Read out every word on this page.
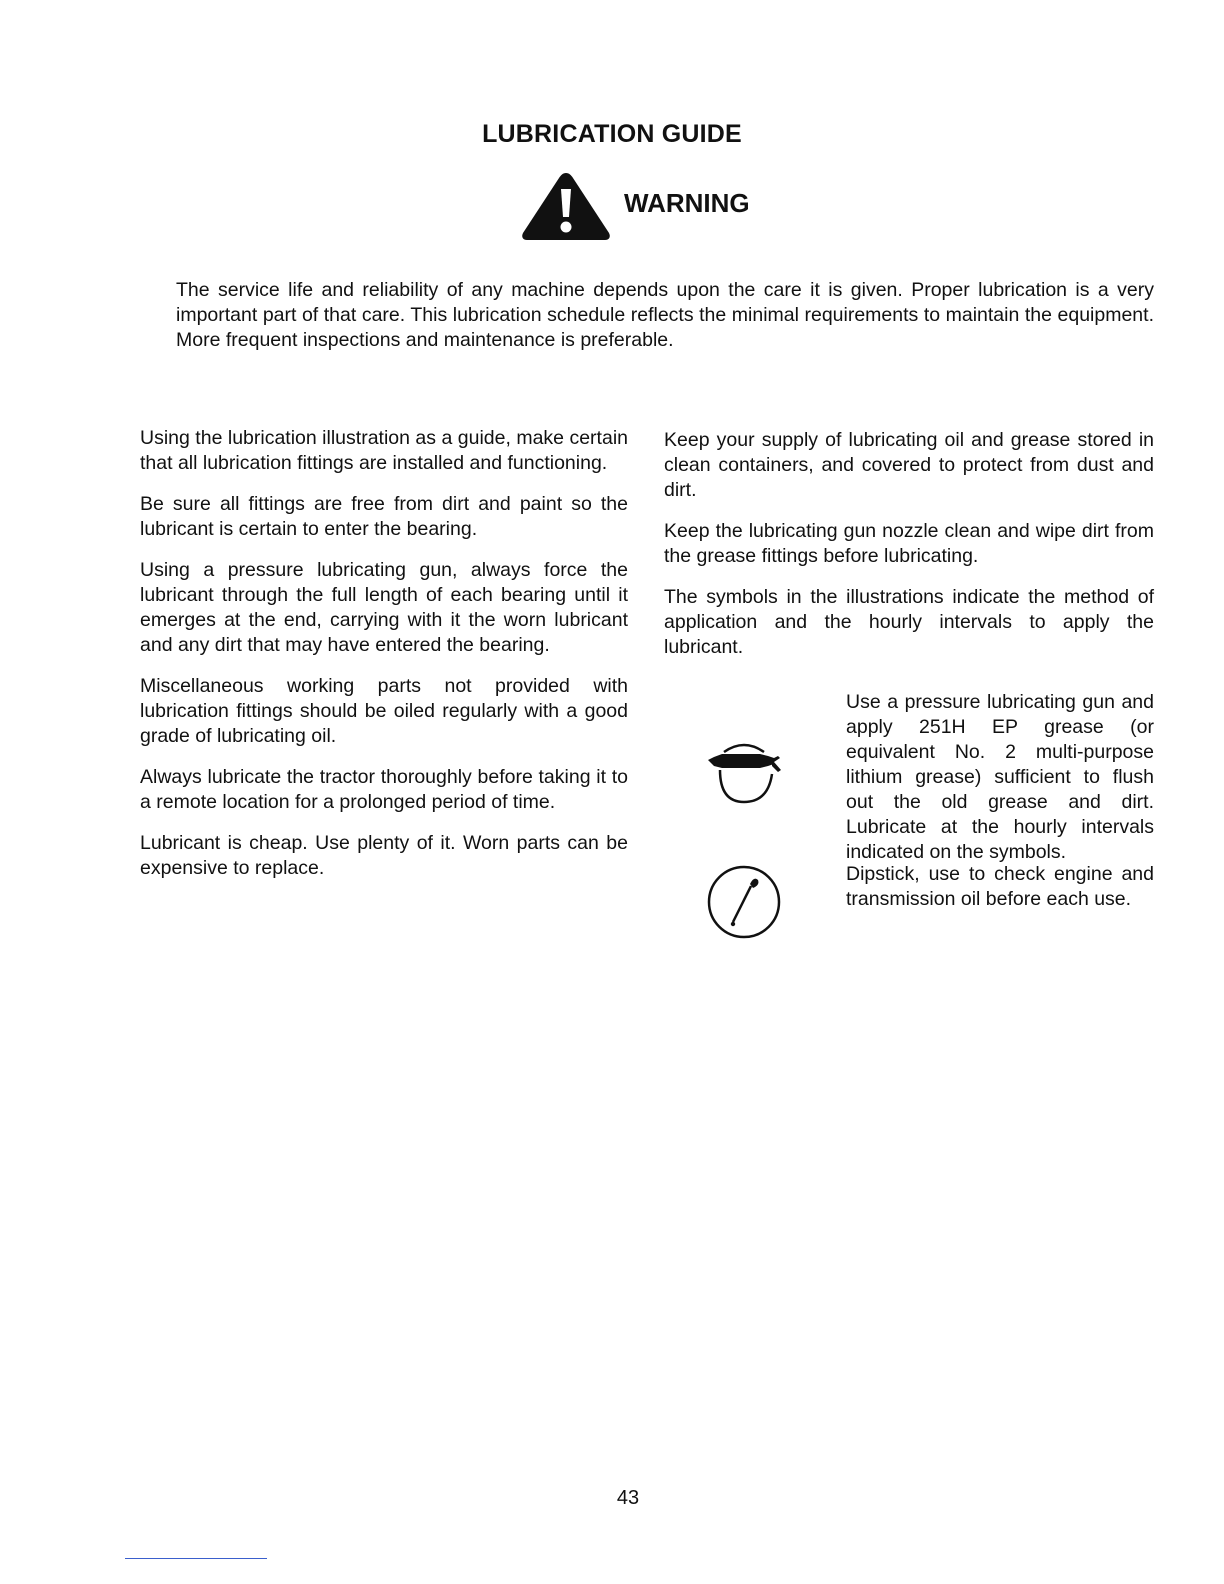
LUBRICATION GUIDE
WARNING

The service life and reliability of any machine depends upon the care it is given. Proper lubrication is a very important part of that care. This lubrication schedule reflects the minimal requirements to maintain the equipment. More frequent inspections and maintenance is preferable.

Using the lubrication illustration as a guide, make certain that all lubrication fittings are installed and functioning.

Be sure all fittings are free from dirt and paint so the lubricant is certain to enter the bearing.

Using a pressure lubricating gun, always force the lubricant through the full length of each bearing until it emerges at the end, carrying with it the worn lubricant and any dirt that may have entered the bearing.

Miscellaneous working parts not provided with lubrication fittings should be oiled regularly with a good grade of lubricating oil.

Always lubricate the tractor thoroughly before taking it to a remote location for a prolonged period of time.

Lubricant is cheap. Use plenty of it. Worn parts can be expensive to replace.

Keep your supply of lubricating oil and grease stored in clean containers, and covered to protect from dust and dirt.

Keep the lubricating gun nozzle clean and wipe dirt from the grease fittings before lubricating.

The symbols in the illustrations indicate the method of application and the hourly intervals to apply the lubricant.

Use a pressure lubricating gun and apply 251H EP grease (or equivalent No. 2 multi-purpose lithium grease) sufficient to flush out the old grease and dirt. Lubricate at the hourly intervals indicated on the symbols.

Dipstick, use to check engine and transmission oil before each use.

43
